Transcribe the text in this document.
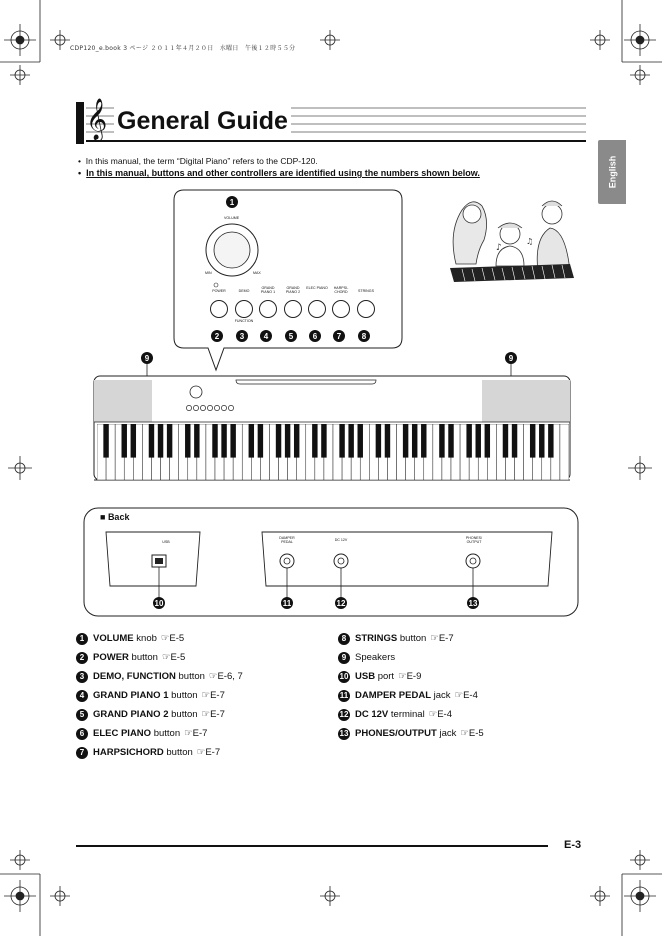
CDP120_e.book 3 ページ ２０１１年４月２０日　水曜日　午後１２時５５分
𝄞 General Guide
English
•  In this manual, the term “Digital Piano” refers to the CDP-120.
• In this manual, buttons and other controllers are identified using the numbers shown below.
♪
♫
VOLUME
MIN	MAX
POWER	DEMO
GRAND PIANO 1
GRAND PIANO 2
ELEC PIANO	HARPSI-CHORD	STRINGS
FUNCTION
1
2	3	4	5	6	7	8
9	9
■ Back
USB
DAMPER PEDAL	DC 12V	PHONES/ OUTPUT
10	11	12	13
1 VOLUME
knob ☞E-5
2 POWER
button ☞E-5
3 DEMO, FUNCTION
button ☞E-6, 7
4 GRAND PIANO 1
button ☞E-7
5 GRAND PIANO 2
button ☞E-7
6 ELEC PIANO
button ☞E-7
7 HARPSICHORD
button ☞E-7
8 STRINGS
button ☞E-7
9 Speakers
10 USB
port ☞E-9
11 DAMPER PEDAL
jack ☞E-4
12 DC 12V
terminal ☞E-4
13 PHONES/OUTPUT
jack ☞E-5
E-3
